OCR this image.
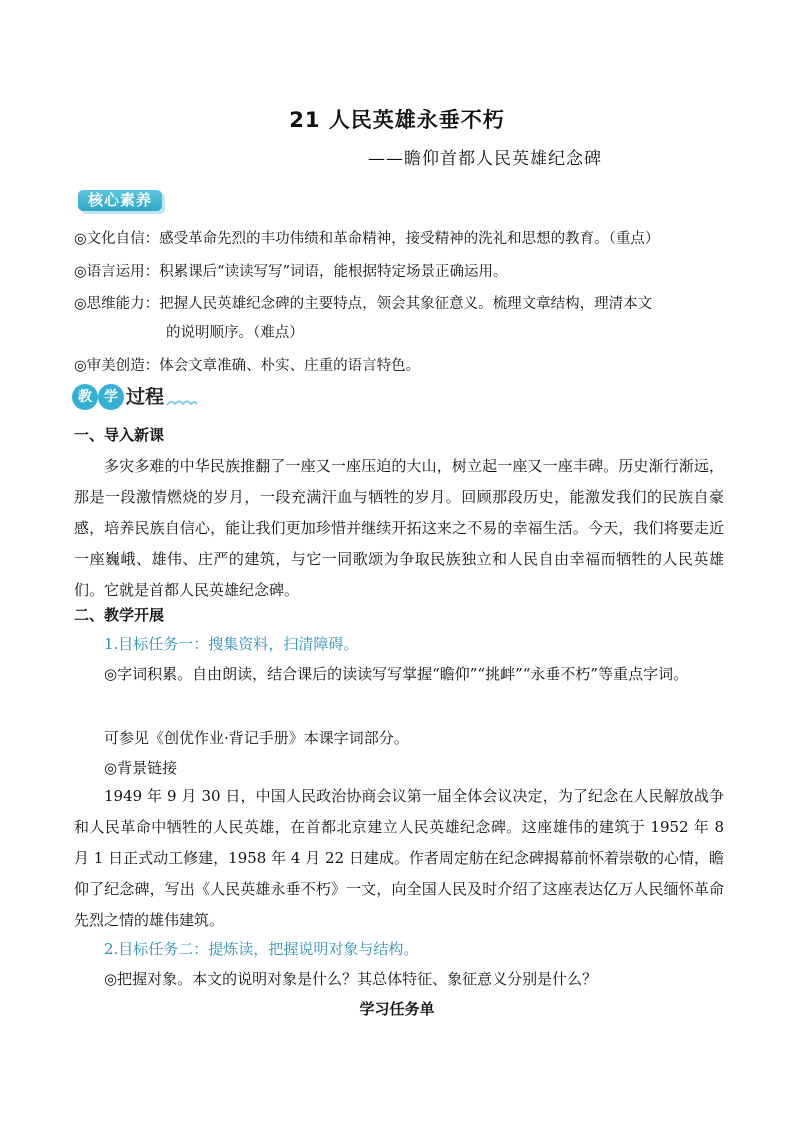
21 人民英雄永垂不朽
——瞻仰首都人民英雄纪念碑
核心素养
◎文化自信：感受革命先烈的丰功伟绩和革命精神，接受精神的洗礼和思想的教育。（重点）
◎语言运用：积累课后“读读写写”词语，能根据特定场景正确运用。
◎思维能力：把握人民英雄纪念碑的主要特点，领会其象征意义。梳理文章结构，理清本文
的说明顺序。（难点）
◎审美创造：体会文章准确、朴实、庄重的语言特色。
教 学 过程
一、导入新课
多灾多难的中华民族推翻了一座又一座压迫的大山，树立起一座又一座丰碑。历史渐行渐远，那是一段激情燃烧的岁月，一段充满汗血与牺牲的岁月。回顾那段历史，能激发我们的民族自豪感，培养民族自信心，能让我们更加珍惜并继续开拓这来之不易的幸福生活。今天，我们将要走近一座巍峨、雄伟、庄严的建筑，与它一同歌颂为争取民族独立和人民自由幸福而牺牲的人民英雄们。它就是首都人民英雄纪念碑。
二、教学开展
1.目标任务一：搜集资料，扫清障碍。
◎字词积累。自由朗读，结合课后的读读写写掌握“瞻仰”“挑衅”“永垂不朽”等重点字词。
可参见《创优作业·背记手册》本课字词部分。
◎背景链接
1949 年 9 月 30 日，中国人民政治协商会议第一届全体会议决定，为了纪念在人民解放战争和人民革命中牺牲的人民英雄，在首都北京建立人民英雄纪念碑。这座雄伟的建筑于 1952 年 8 月 1 日正式动工修建，1958 年 4 月 22 日建成。作者周定舫在纪念碑揭幕前怀着崇敬的心情，瞻仰了纪念碑，写出《人民英雄永垂不朽》一文，向全国人民及时介绍了这座表达亿万人民缅怀革命先烈之情的雄伟建筑。
2.目标任务二：提炼读，把握说明对象与结构。
◎把握对象。本文的说明对象是什么？其总体特征、象征意义分别是什么？
学习任务单
